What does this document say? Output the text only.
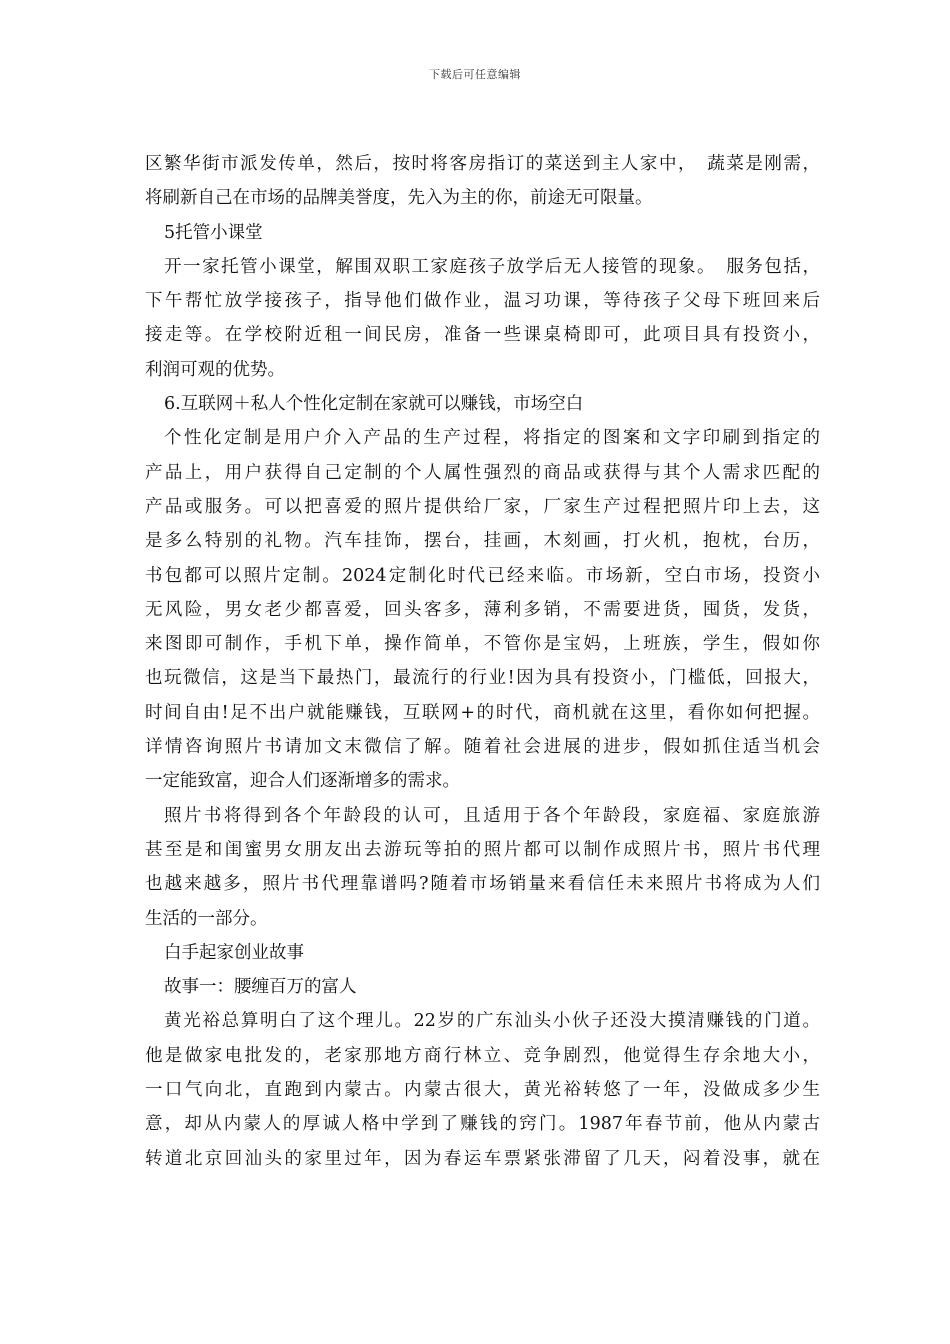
下载后可任意编辑
区繁华街市派发传单，然后，按时将客房指订的菜送到主人家中，　蔬菜是刚需，
将刷新自己在市场的品牌美誉度，先入为主的你，前途无可限量。
5托管小课堂
开一家托管小课堂，解围双职工家庭孩子放学后无人接管的现象。　服务包括，
下午帮忙放学接孩子，指导他们做作业，温习功课，等待孩子父母下班回来后
接走等。在学校附近租一间民房，准备一些课桌椅即可，此项目具有投资小，
利润可观的优势。
6.互联网＋私人个性化定制在家就可以赚钱，市场空白
个性化定制是用户介入产品的生产过程，将指定的图案和文字印刷到指定的
产品上，用户获得自己定制的个人属性强烈的商品或获得与其个人需求匹配的
产品或服务。可以把喜爱的照片提供给厂家，厂家生产过程把照片印上去，这
是多么特别的礼物。汽车挂饰，摆台，挂画，木刻画，打火机，抱枕，台历，
书包都可以照片定制。2024定制化时代已经来临。市场新，空白市场，投资小
无风险，男女老少都喜爱，回头客多，薄利多销，不需要进货，囤货，发货，
来图即可制作，手机下单，操作简单，不管你是宝妈，上班族，学生，假如你
也玩微信，这是当下最热门，最流行的行业!因为具有投资小，门槛低，回报大，
时间自由!足不出户就能赚钱，互联网+的时代，商机就在这里，看你如何把握。
详情咨询照片书请加文末微信了解。随着社会进展的进步，假如抓住适当机会
一定能致富，迎合人们逐渐增多的需求。
照片书将得到各个年龄段的认可，且适用于各个年龄段，家庭福、家庭旅游
甚至是和闺蜜男女朋友出去游玩等拍的照片都可以制作成照片书，照片书代理
也越来越多，照片书代理靠谱吗?随着市场销量来看信任未来照片书将成为人们
生活的一部分。
白手起家创业故事
故事一：腰缠百万的富人
黄光裕总算明白了这个理儿。22岁的广东汕头小伙子还没大摸清赚钱的门道。
他是做家电批发的，老家那地方商行林立、竞争剧烈，他觉得生存余地大小，
一口气向北，直跑到内蒙古。内蒙古很大，黄光裕转悠了一年，没做成多少生
意，却从内蒙人的厚诚人格中学到了赚钱的窍门。1987年春节前，他从内蒙古
转道北京回汕头的家里过年，因为春运车票紧张滞留了几天，闷着没事，就在
